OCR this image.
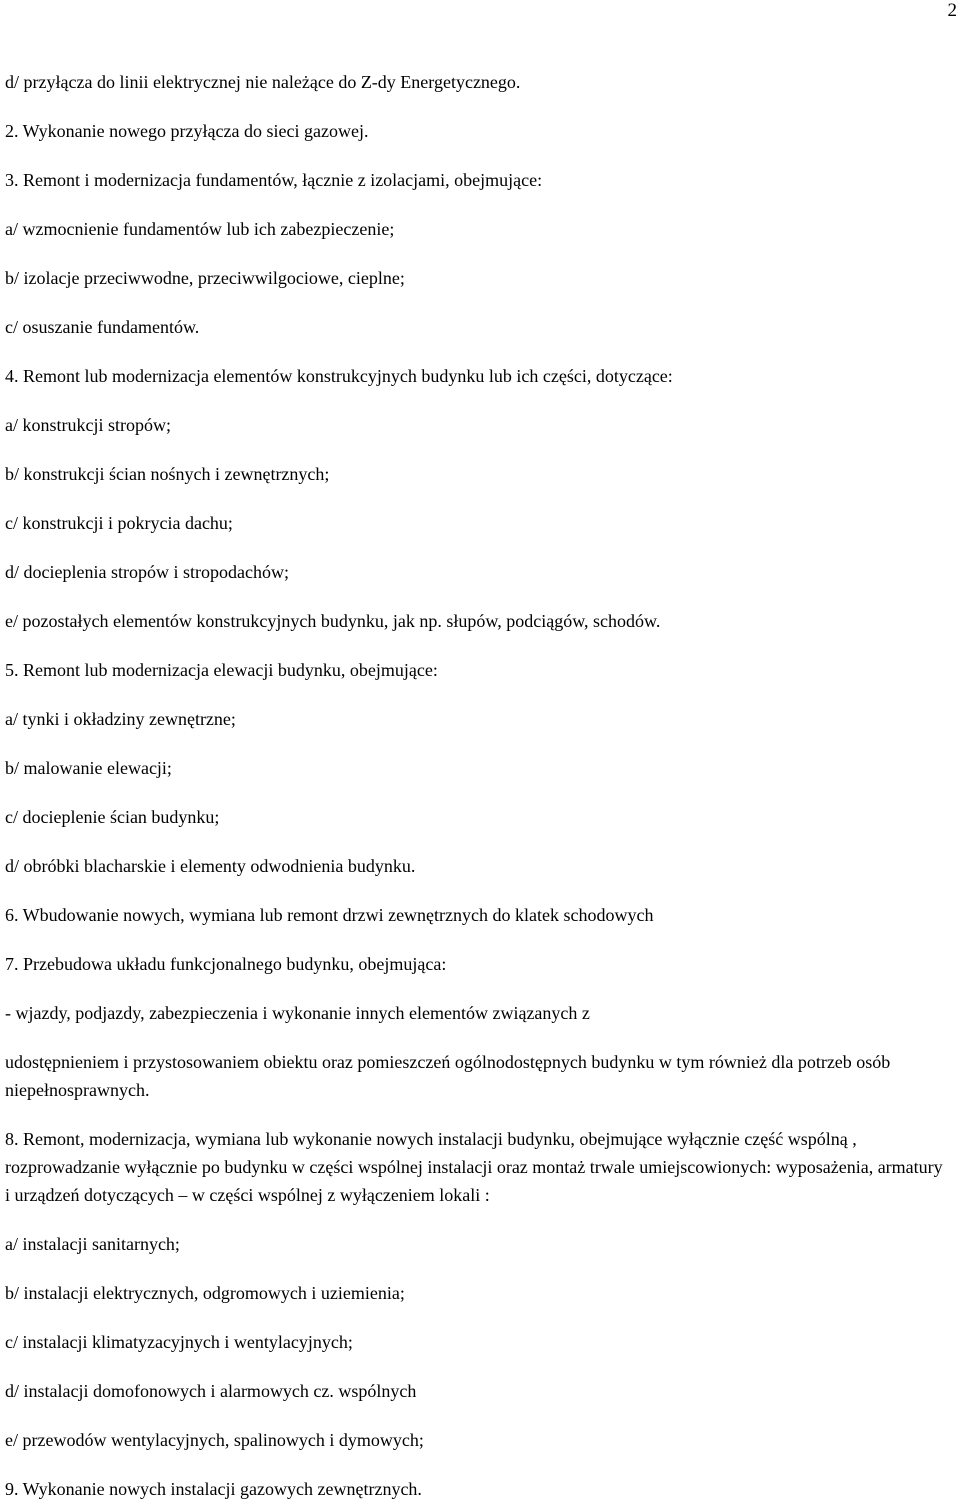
2
d/ przyłącza do linii elektrycznej nie należące do Z-dy Energetycznego.
2. Wykonanie nowego przyłącza do sieci gazowej.
3. Remont i modernizacja fundamentów, łącznie z izolacjami, obejmujące:
a/ wzmocnienie fundamentów lub ich zabezpieczenie;
b/ izolacje przeciwwodne, przeciwwilgociowe, cieplne;
c/ osuszanie fundamentów.
4. Remont lub modernizacja elementów konstrukcyjnych budynku lub ich części, dotyczące:
a/ konstrukcji stropów;
b/ konstrukcji ścian nośnych i zewnętrznych;
c/ konstrukcji i pokrycia dachu;
d/ docieplenia stropów i stropodachów;
e/ pozostałych elementów konstrukcyjnych budynku, jak np. słupów, podciągów, schodów.
5. Remont lub modernizacja elewacji budynku, obejmujące:
a/ tynki i okładziny zewnętrzne;
b/ malowanie elewacji;
c/ docieplenie ścian budynku;
d/ obróbki blacharskie i elementy odwodnienia budynku.
6. Wbudowanie nowych, wymiana lub remont drzwi zewnętrznych do klatek schodowych
7. Przebudowa układu funkcjonalnego budynku, obejmująca:
- wjazdy, podjazdy, zabezpieczenia i wykonanie innych elementów związanych z
udostępnieniem i przystosowaniem obiektu oraz pomieszczeń ogólnodostępnych budynku w tym również dla potrzeb osób niepełnosprawnych.
8. Remont, modernizacja, wymiana lub wykonanie nowych instalacji budynku, obejmujące wyłącznie część wspólną , rozprowadzanie wyłącznie po budynku w części wspólnej instalacji oraz montaż trwale umiejscowionych: wyposażenia, armatury i urządzeń dotyczących – w części wspólnej z wyłączeniem lokali :
a/ instalacji sanitarnych;
b/ instalacji elektrycznych, odgromowych i uziemienia;
c/ instalacji klimatyzacyjnych i wentylacyjnych;
d/ instalacji domofonowych i alarmowych cz. wspólnych
e/ przewodów wentylacyjnych, spalinowych i dymowych;
9. Wykonanie nowych instalacji gazowych zewnętrznych.
